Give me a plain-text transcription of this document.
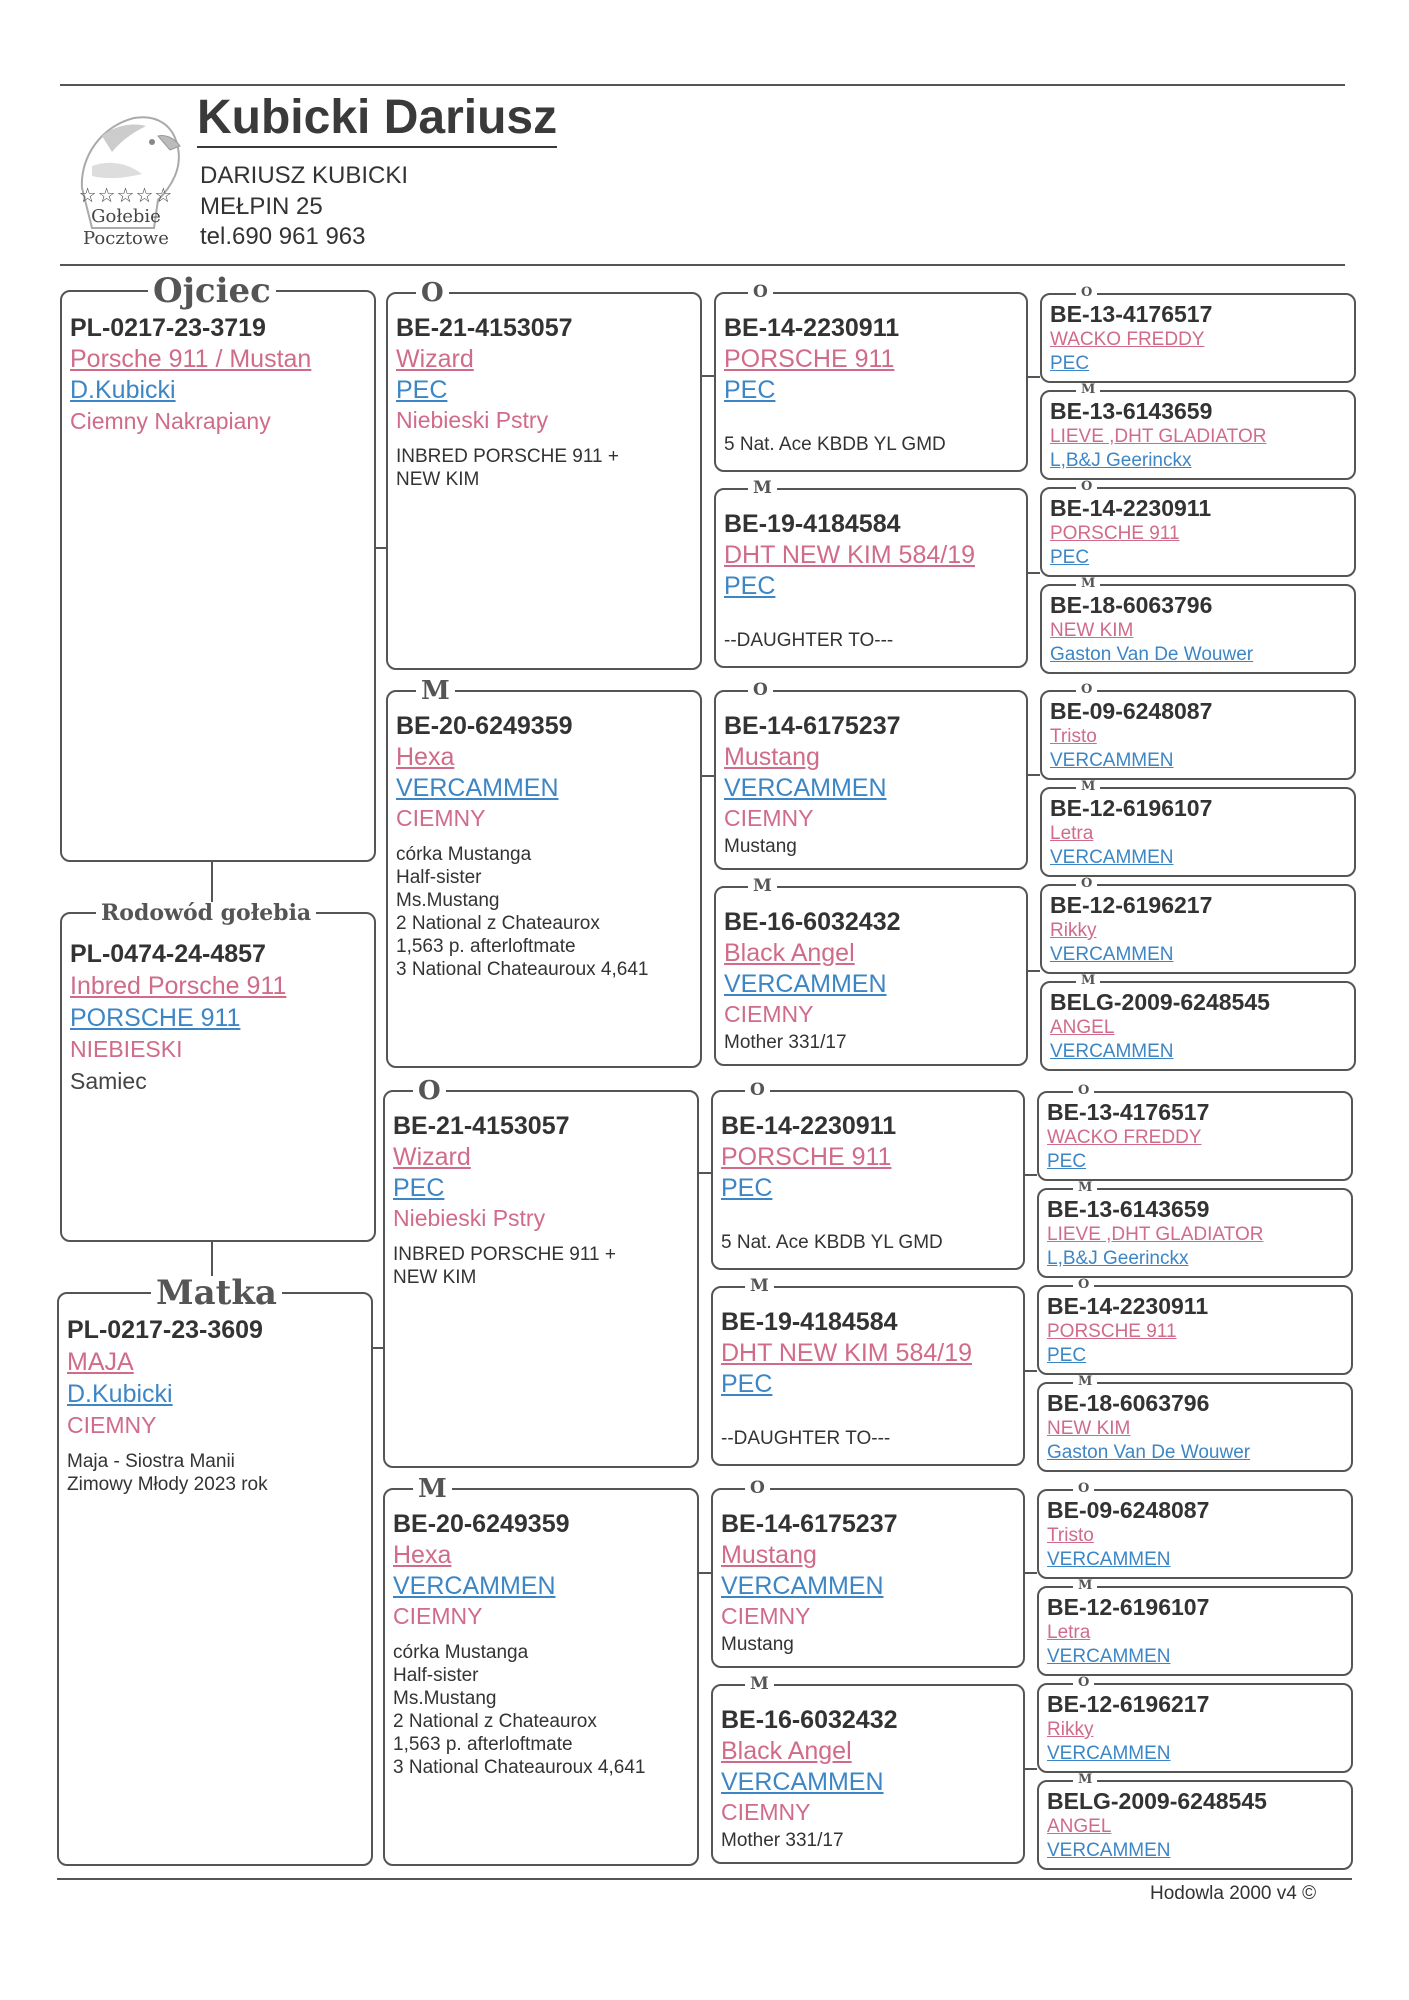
☆☆☆☆☆
Gołebie
Pocztowe
Kubicki Dariusz
DARIUSZ KUBICKI
MEŁPIN 25
tel.690 961 963
Ojciec
PL-0217-23-3719
Porsche 911 / Mustan
D.Kubicki
Ciemny Nakrapiany
Rodowód gołebia
PL-0474-24-4857
Inbred Porsche 911
PORSCHE 911
NIEBIESKI
Samiec
Matka
PL-0217-23-3609
MAJA
D.Kubicki
CIEMNY
Maja - Siostra Manii
Zimowy Młody 2023 rok
O
BE-21-4153057
Wizard
PEC
Niebieski Pstry
INBRED PORSCHE 911 +
NEW KIM
M
BE-20-6249359
Hexa
VERCAMMEN
CIEMNY
córka Mustanga
Half-sister
Ms.Mustang
2 National z Chateaurox
1,563 p. afterloftmate
3 National Chateauroux 4,641
O
BE-21-4153057
Wizard
PEC
Niebieski Pstry
INBRED PORSCHE 911 +
NEW KIM
M
BE-20-6249359
Hexa
VERCAMMEN
CIEMNY
córka Mustanga
Half-sister
Ms.Mustang
2 National z Chateaurox
1,563 p. afterloftmate
3 National Chateauroux 4,641
O
BE-14-2230911
PORSCHE 911
PEC
5 Nat. Ace KBDB YL GMD
M
BE-19-4184584
DHT NEW KIM 584/19
PEC
--DAUGHTER TO---
O
BE-14-6175237
Mustang
VERCAMMEN
CIEMNY
Mustang
M
BE-16-6032432
Black Angel
VERCAMMEN
CIEMNY
Mother 331/17
O
BE-14-2230911
PORSCHE 911
PEC
5 Nat. Ace KBDB YL GMD
M
BE-19-4184584
DHT NEW KIM 584/19
PEC
--DAUGHTER TO---
O
BE-14-6175237
Mustang
VERCAMMEN
CIEMNY
Mustang
M
BE-16-6032432
Black Angel
VERCAMMEN
CIEMNY
Mother 331/17
O
BE-13-4176517
WACKO FREDDY
PEC
M
BE-13-6143659
LIEVE ,DHT GLADIATOR
L,B&J Geerinckx
O
BE-14-2230911
PORSCHE 911
PEC
M
BE-18-6063796
NEW KIM
Gaston Van De Wouwer
O
BE-09-6248087
Tristo
VERCAMMEN
M
BE-12-6196107
Letra
VERCAMMEN
O
BE-12-6196217
Rikky
VERCAMMEN
M
BELG-2009-6248545
ANGEL
VERCAMMEN
O
BE-13-4176517
WACKO FREDDY
PEC
M
BE-13-6143659
LIEVE ,DHT GLADIATOR
L,B&J Geerinckx
O
BE-14-2230911
PORSCHE 911
PEC
M
BE-18-6063796
NEW KIM
Gaston Van De Wouwer
O
BE-09-6248087
Tristo
VERCAMMEN
M
BE-12-6196107
Letra
VERCAMMEN
O
BE-12-6196217
Rikky
VERCAMMEN
M
BELG-2009-6248545
ANGEL
VERCAMMEN
Hodowla 2000 v4 ©
